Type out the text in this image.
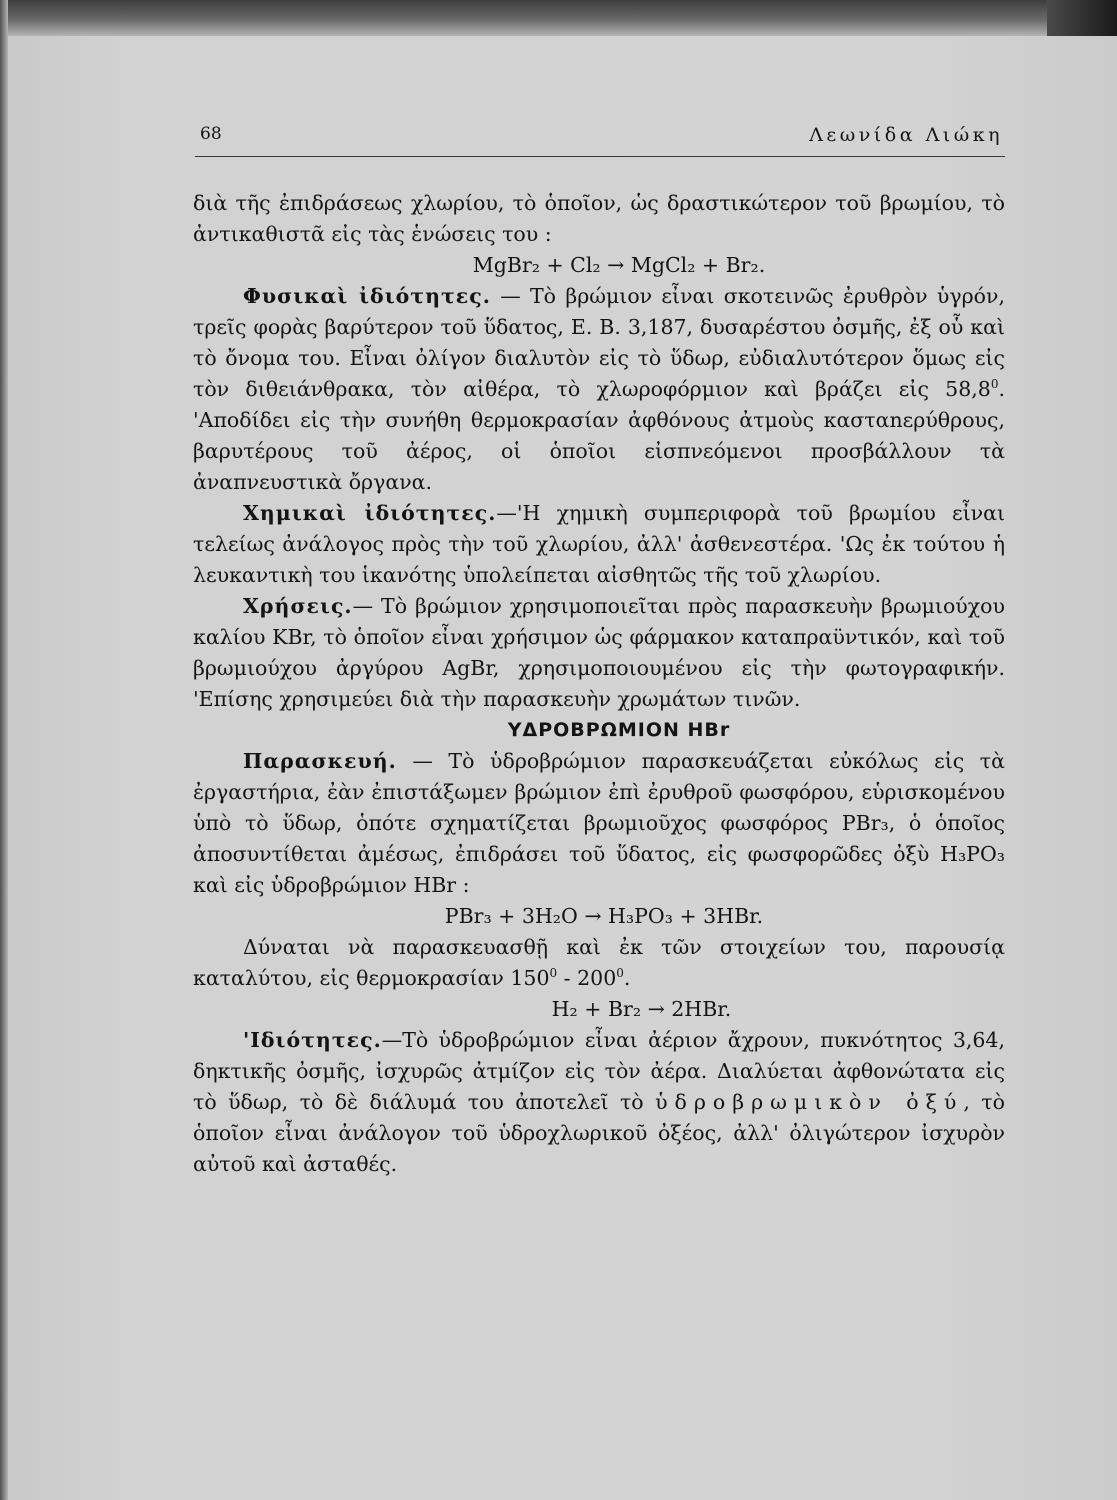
68	Λεωνίδα Λιώκη

διὰ τῆς ἐπιδράσεως χλωρίου, τὸ ὁποῖον, ὡς δραστικώτερον τοῦ βρωμίου, τὸ ἀντικαθιστᾶ εἰς τὰς ἑνώσεις του :

MgBr₂ + Cl₂ → MgCl₂ + Br₂.

Φυσικαὶ ἰδιότητες. — Τὸ βρώμιον εἶναι σκοτεινῶς ἐρυθρὸν ὑγρόν, τρεῖς φορὰς βαρύτερον τοῦ ὕδατος, Ε. Β. 3,187, δυσαρέστου ὀσμῆς, ἐξ οὗ καὶ τὸ ὄνομα του. Εἶναι ὀλίγον διαλυτὸν εἰς τὸ ὕδωρ, εὐδιαλυτότερον ὅμως εἰς τὸν διθειάνθρακα, τὸν αἰθέρα, τὸ χλωροφόρμιον καὶ βράζει εἰς 58,8$^0$. 'Αποδίδει εἰς τὴν συνήθη θερμοκρασίαν ἀφθόνους ἀτμοὺς κασταnερύθρους, βαρυτέρους τοῦ ἀέρος, οἱ ὁποῖοι εἰσπνεόμενοι προσβάλλουν τὰ ἀναπνευστικὰ ὄργανα.

Χημικαὶ ἰδιότητες.—'Η χημικὴ συμπεριφορὰ τοῦ βρωμίου εἶναι τελείως ἀνάλογος πρὸς τὴν τοῦ χλωρίου, ἀλλ' ἀσθενεστέρα. 'Ως ἐκ τούτου ἡ λευκαντικὴ του ἱκανότης ὑπολείπεται αἰσθητῶς τῆς τοῦ χλωρίου.

Χρήσεις.— Τὸ βρώμιον χρησιμοποιεῖται πρὸς παρασκευὴν βρωμιούχου καλίου KBr, τὸ ὁποῖον εἶναι χρήσιμον ὡς φάρμακον καταπραϋντικόν, καὶ τοῦ βρωμιούχου ἀργύρου AgBr, χρησιμοποιουμένου εἰς τὴν φωτογραφικήν. 'Επίσης χρησιμεύει διὰ τὴν παρασκευὴν χρωμάτων τινῶν.

ΥΔΡΟΒΡΩΜΙΟΝ HBr

Παρασκευή. — Τὸ ὑδροβρώμιον παρασκευάζεται εὐκόλως εἰς τὰ ἐργαστήρια, ἐὰν ἐπιστάξωμεν βρώμιον ἐπὶ ἐρυθροῦ φωσφόρου, εὑρισκομένου ὑπὸ τὸ ὕδωρ, ὁπότε σχηματίζεται βρωμιοῦχος φωσφόρος PBr₃, ὁ ὁποῖος ἀποσυντίθεται ἀμέσως, ἐπιδράσει τοῦ ὕδατος, εἰς φωσφορῶδες ὀξὺ H₃PO₃ καὶ εἰς ὑδροβρώμιον HBr :

PBr₃ + 3H₂O → H₃PO₃ + 3HBr.

Δύναται νὰ παρασκευασθῇ καὶ ἐκ τῶν στοιχείων του, παρουσίᾳ καταλύτου, εἰς θερμοκρασίαν $150^0 - 200^0$.

H₂ + Br₂ → 2HBr.

'Ιδιότητες.—Τὸ ὑδροβρώμιον εἶναι ἀέριον ἄχρουν, πυκνότητος 3,64, δηκτικῆς ὀσμῆς, ἰσχυρῶς ἀτμίζον εἰς τὸν ἀέρα. Διαλύεται ἀφθονώτατα εἰς τὸ ὕδωρ, τὸ δὲ διάλυμά του ἀποτελεῖ τὸ ὑδροβρωμικὸν ὀξύ, τὸ ὁποῖον εἶναι ἀνάλογον τοῦ ὑδροχλωρικοῦ ὀξέος, ἀλλ' ὀλιγώτερον ἰσχυρὸν αὐτοῦ καὶ ἀσταθές.
